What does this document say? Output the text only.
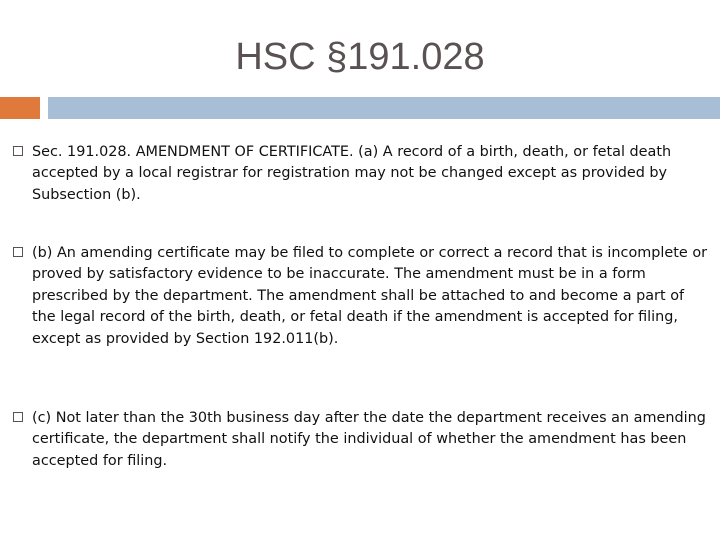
HSC §191.028

Sec. 191.028. AMENDMENT OF CERTIFICATE. (a) A record of a birth, death, or fetal death accepted by a local registrar for registration may not be changed except as provided by Subsection (b).

(b) An amending certificate may be filed to complete or correct a record that is incomplete or proved by satisfactory evidence to be inaccurate. The amendment must be in a form prescribed by the department. The amendment shall be attached to and become a part of the legal record of the birth, death, or fetal death if the amendment is accepted for filing, except as provided by Section 192.011(b).

(c) Not later than the 30th business day after the date the department receives an amending certificate, the department shall notify the individual of whether the amendment has been accepted for filing.
